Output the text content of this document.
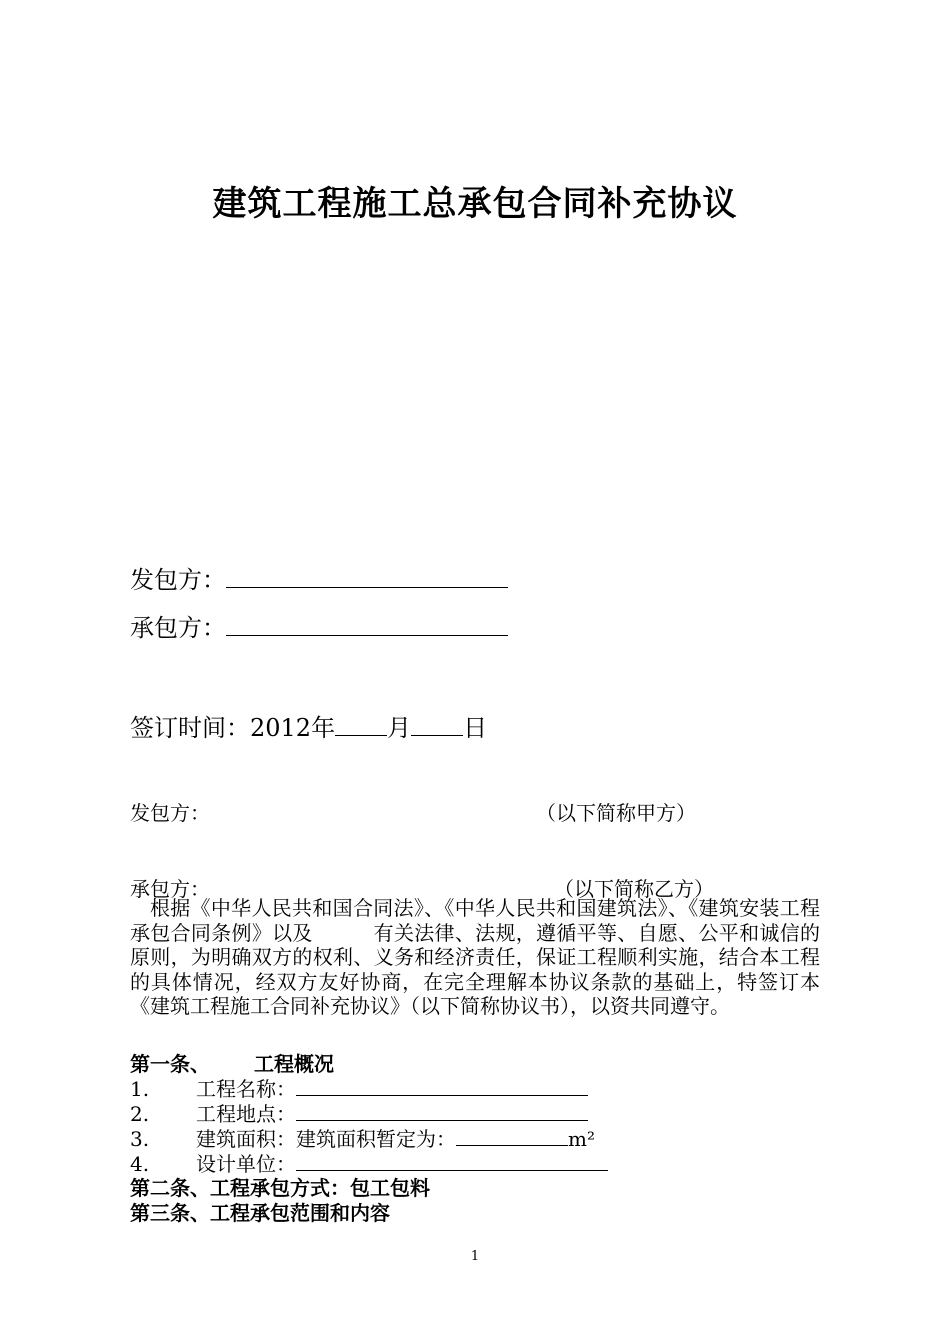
建筑工程施工总承包合同补充协议
发包方：
承包方：
签订时间：2012年 月 日
发包方：	（以下简称甲方）
承包方：	（以下简称乙方）
根据《中华人民共和国合同法》、《中华人民共和国建筑法》、《建筑安装工程承包合同条例》以及　　　有关法律、法规，遵循平等、自愿、公平和诚信的原则，为明确双方的权利、义务和经济责任，保证工程顺利实施，结合本工程的具体情况，经双方友好协商，在完全理解本协议条款的基础上，特签订本《建筑工程施工合同补充协议》（以下简称协议书），以资共同遵守。
第一条、 工程概况
1. 工程名称：
2. 工程地点：
3. 建筑面积：建筑面积暂定为：	m²
4. 设计单位：
第二条、工程承包方式：包工包料
第三条、工程承包范围和内容
1
